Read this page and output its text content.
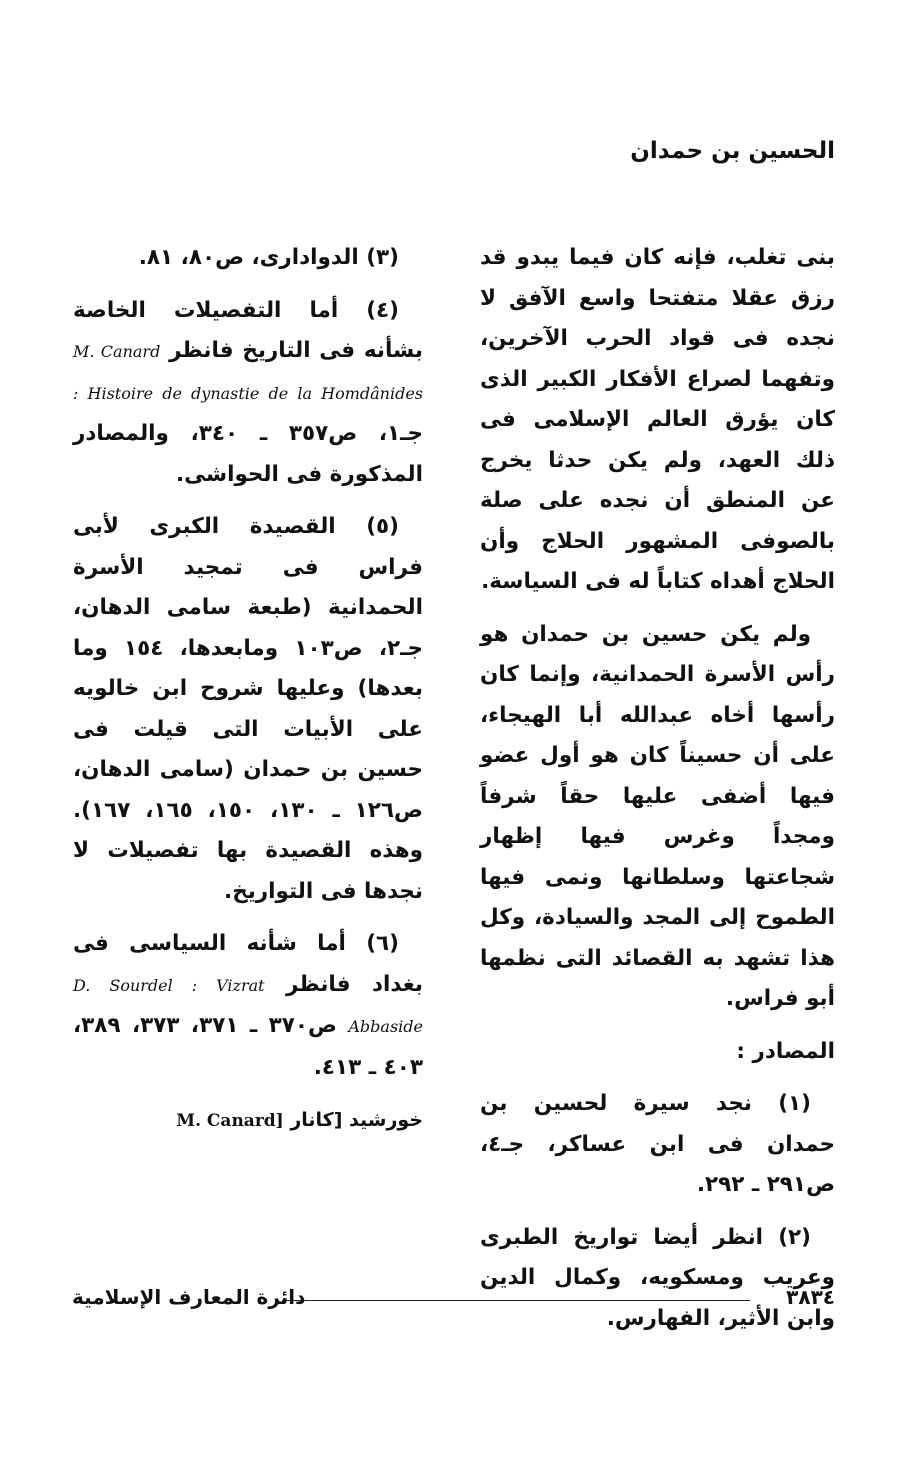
الحسين بن حمدان

بنى تغلب، فإنه كان فيما يبدو قد رزق عقلا متفتحا واسع الآفق لا نجده فى قواد الحرب الآخرين، وتفهما لصراع الأفكار الكبير الذى كان يؤرق العالم الإسلامى فى ذلك العهد، ولم يكن حدثا يخرج عن المنطق أن نجده على صلة بالصوفى المشهور الحلاج وأن الحلاج أهداه كتاباً له فى السياسة.

ولم يكن حسين بن حمدان هو رأس الأسرة الحمدانية، وإنما كان رأسها أخاه عبدالله أبا الهيجاء، على أن حسيناً كان هو أول عضو فيها أضفى عليها حقاً شرفاً ومجداً وغرس فيها إظهار شجاعتها وسلطانها ونمى فيها الطموح إلى المجد والسيادة، وكل هذا تشهد به القصائد التى نظمها أبو فراس.

المصادر :

(١) نجد سيرة لحسين بن حمدان فى ابن عساكر، جـ٤، ص٢٩١ ـ ٢٩٢.

(٢) انظر أيضا تواريخ الطبرى وعريب ومسكويه، وكمال الدين وابن الأثير، الفهارس.

(٣) الدوادارى، ص٨٠، ٨١.

(٤) أما التفصيلات الخاصة بشأنه فى التاريخ فانظر M. Canard : Histoire de dynastie de la Homdânides جـ١، ص٣٥٧ ـ ٣٤٠، والمصادر المذكورة فى الحواشى.

(٥) القصيدة الكبرى لأبى فراس فى تمجيد الأسرة الحمدانية (طبعة سامى الدهان، جـ٢، ص١٠٣ ومابعدها، ١٥٤ وما بعدها) وعليها شروح ابن خالويه على الأبيات التى قيلت فى حسين بن حمدان (سامى الدهان، ص١٢٦ ـ ١٣٠، ١٥٠، ١٦٥، ١٦٧). وهذه القصيدة بها تفصيلات لا نجدها فى التواريخ.

(٦) أما شأنه السياسى فى بغداد فانظر D. Sourdel : Vizrat Abbaside ص٣٧٠ ـ ٣٧١، ٣٧٣، ٣٨٩، ٤٠٣ ـ ٤١٣.

خورشيد [كانار M. Canard]
٣٨٣٤
دائرة المعارف الإسلامية
